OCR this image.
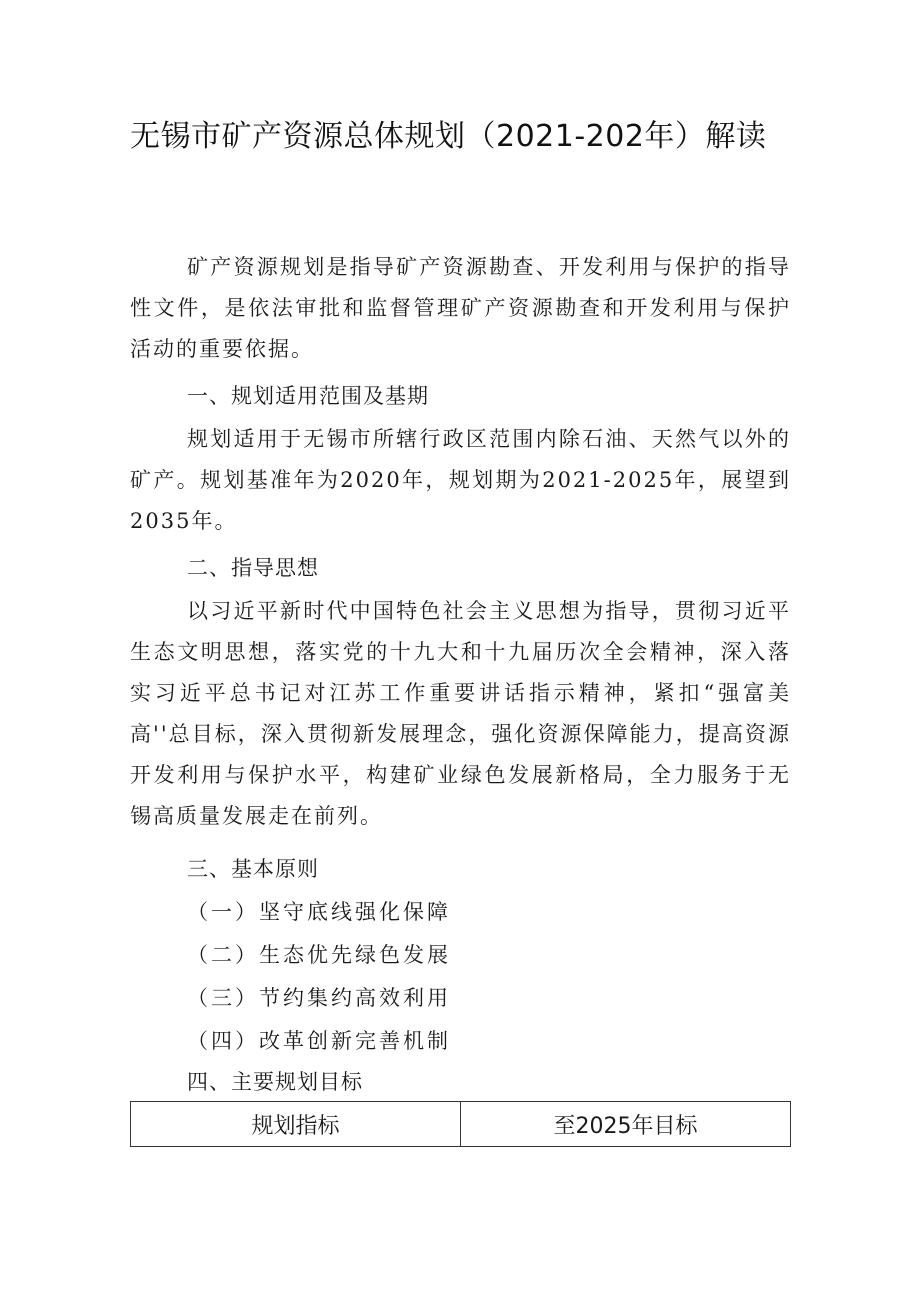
无锡市矿产资源总体规划（2021-202年）解读
矿产资源规划是指导矿产资源勘查、开发利用与保护的指导性文件，是依法审批和监督管理矿产资源勘查和开发利用与保护活动的重要依据。
一、规划适用范围及基期
规划适用于无锡市所辖行政区范围内除石油、天然气以外的矿产。规划基准年为2020年，规划期为2021-2025年，展望到2035年。
二、指导思想
以习近平新时代中国特色社会主义思想为指导，贯彻习近平生态文明思想，落实党的十九大和十九届历次全会精神，深入落实习近平总书记对江苏工作重要讲话指示精神，紧扣“强富美高''总目标，深入贯彻新发展理念，强化资源保障能力，提高资源开发利用与保护水平，构建矿业绿色发展新格局，全力服务于无锡高质量发展走在前列。
三、基本原则
（一）坚守底线强化保障
（二）生态优先绿色发展
（三）节约集约高效利用
（四）改革创新完善机制
四、主要规划目标
规划指标	至2025年目标
